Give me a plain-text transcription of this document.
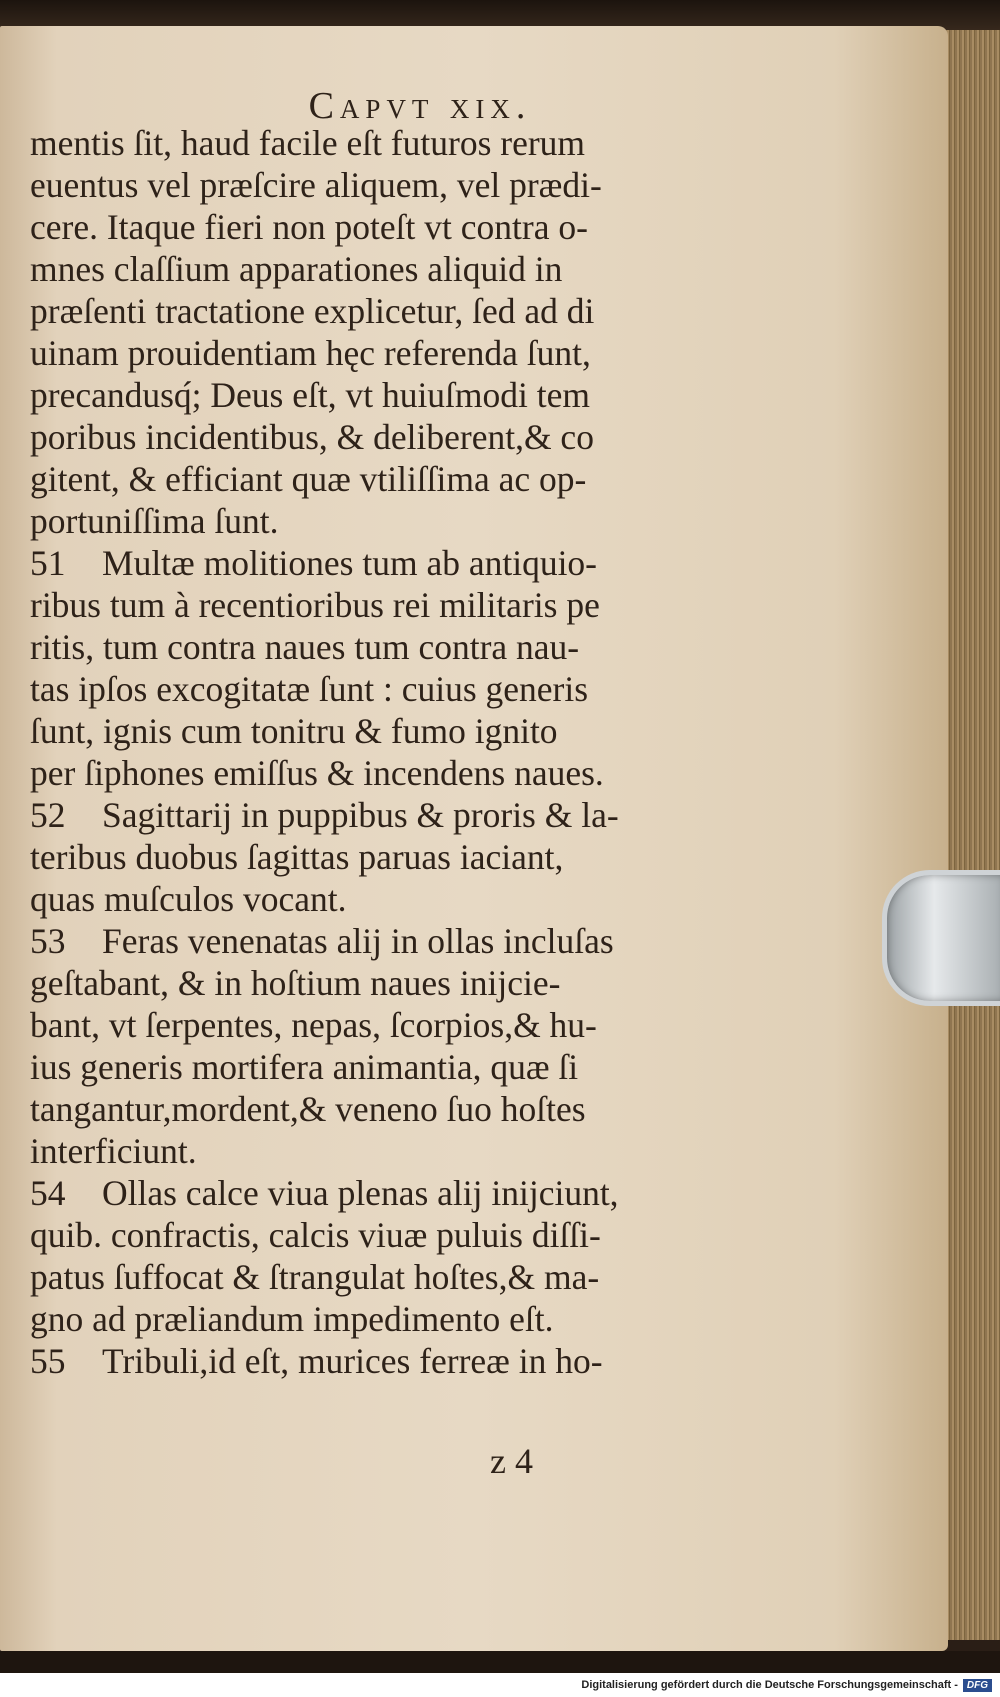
Capvt xix.
mentis ſit, haud facile eſt futuros rerum
euentus vel præſcire aliquem, vel prædi-
cere. Itaque fieri non poteſt vt contra o-
mnes claſſium apparationes aliquid in
præſenti tractatione explicetur, ſed ad di
uinam prouidentiam hęc referenda ſunt,
precandusq́; Deus eſt, vt huiuſmodi tem
poribus incidentibus, & deliberent,& co
gitent, & efficiant quæ vtiliſſima ac op-
portuniſſima ſunt.
51 Multæ molitiones tum ab antiquio-
ribus tum à recentioribus rei militaris pe
ritis, tum contra naues tum contra nau-
tas ipſos excogitatæ ſunt : cuius generis
ſunt, ignis cum tonitru & fumo ignito
per ſiphones emiſſus & incendens naues.
52 Sagittarij in puppibus & proris & la-
teribus duobus ſagittas paruas iaciant,
quas muſculos vocant.
53 Feras venenatas alij in ollas incluſas
geſtabant, & in hoſtium naues inijcie-
bant, vt ſerpentes, nepas, ſcorpios,& hu-
ius generis mortifera animantia, quæ ſi
tangantur,mordent,& veneno ſuo hoſtes
interficiunt.
54 Ollas calce viua plenas alij inijciunt,
quib. confractis, calcis viuæ puluis diſſi-
patus ſuffocat & ſtrangulat hoſtes,& ma-
gno ad præliandum impedimento eſt.
55 Tribuli,id eſt, murices ferreæ in ho-
z 4
Digitalisierung gefördert durch die Deutsche Forschungsgemeinschaft - DFG
